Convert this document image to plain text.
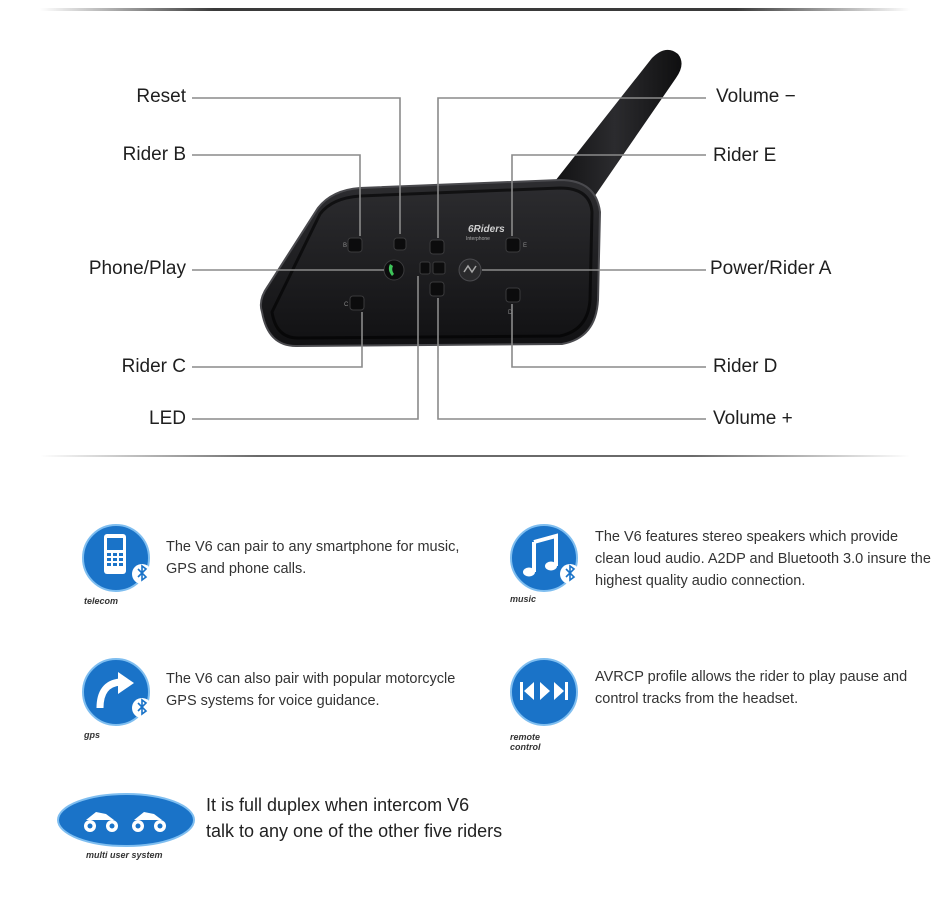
6Riders
Interphone
B	E
C
D
Reset
Rider B
Phone/Play
Rider C
LED
Volume −
Rider E
Power/Rider A
Rider D
Volume +
telecom
The V6 can pair to any smartphone for music, GPS and phone calls.
music
The V6 features stereo speakers which provide clean loud audio. A2DP and Bluetooth 3.0 insure the highest quality audio connection.
gps
The V6 can also pair with popular motorcycle GPS systems for voice guidance.
remote control
AVRCP profile allows the rider to play pause and control tracks from the headset.
multi user system
It is full duplex when intercom V6
talk to any one of the other five riders
